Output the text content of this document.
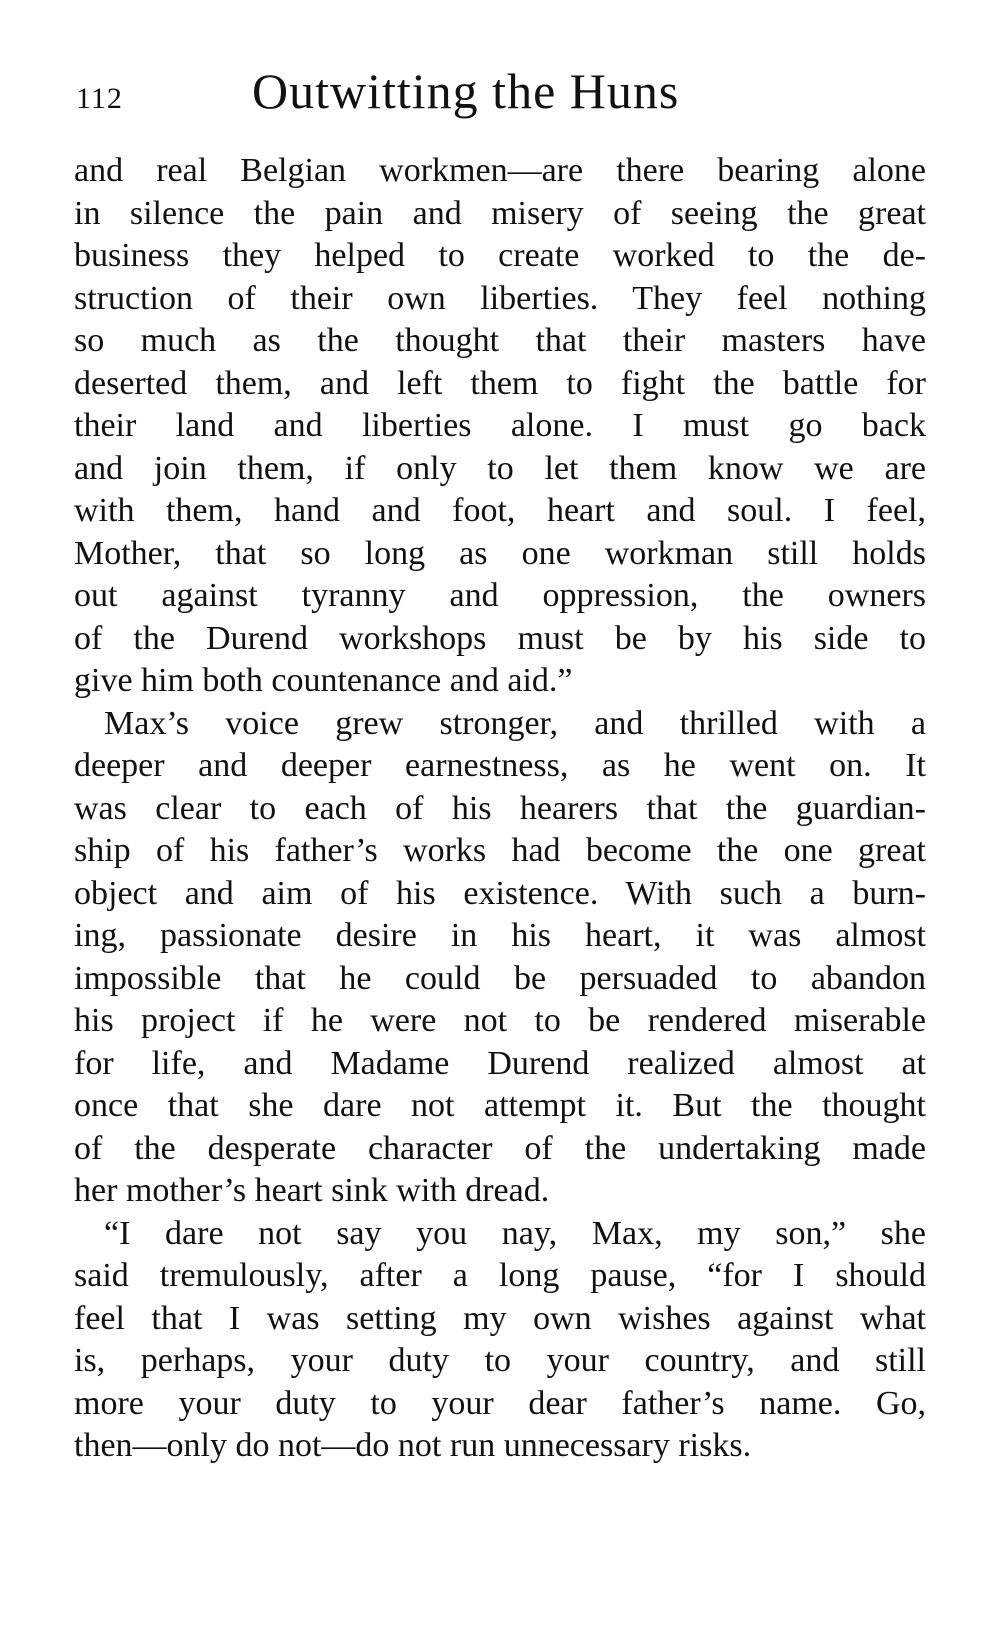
112	Outwitting the Huns
and real Belgian workmen—are there bearing alone
in silence the pain and misery of seeing the great
business they helped to create worked to the de-
struction of their own liberties. They feel nothing
so much as the thought that their masters have
deserted them, and left them to fight the battle for
their land and liberties alone. I must go back
and join them, if only to let them know we are
with them, hand and foot, heart and soul. I feel,
Mother, that so long as one workman still holds
out against tyranny and oppression, the owners
of the Durend workshops must be by his side to
give him both countenance and aid.”
Max’s voice grew stronger, and thrilled with a
deeper and deeper earnestness, as he went on. It
was clear to each of his hearers that the guardian-
ship of his father’s works had become the one great
object and aim of his existence. With such a burn-
ing, passionate desire in his heart, it was almost
impossible that he could be persuaded to abandon
his project if he were not to be rendered miserable
for life, and Madame Durend realized almost at
once that she dare not attempt it. But the thought
of the desperate character of the undertaking made
her mother’s heart sink with dread.
“I dare not say you nay, Max, my son,” she
said tremulously, after a long pause, “for I should
feel that I was setting my own wishes against what
is, perhaps, your duty to your country, and still
more your duty to your dear father’s name. Go,
then—only do not—do not run unnecessary risks.
